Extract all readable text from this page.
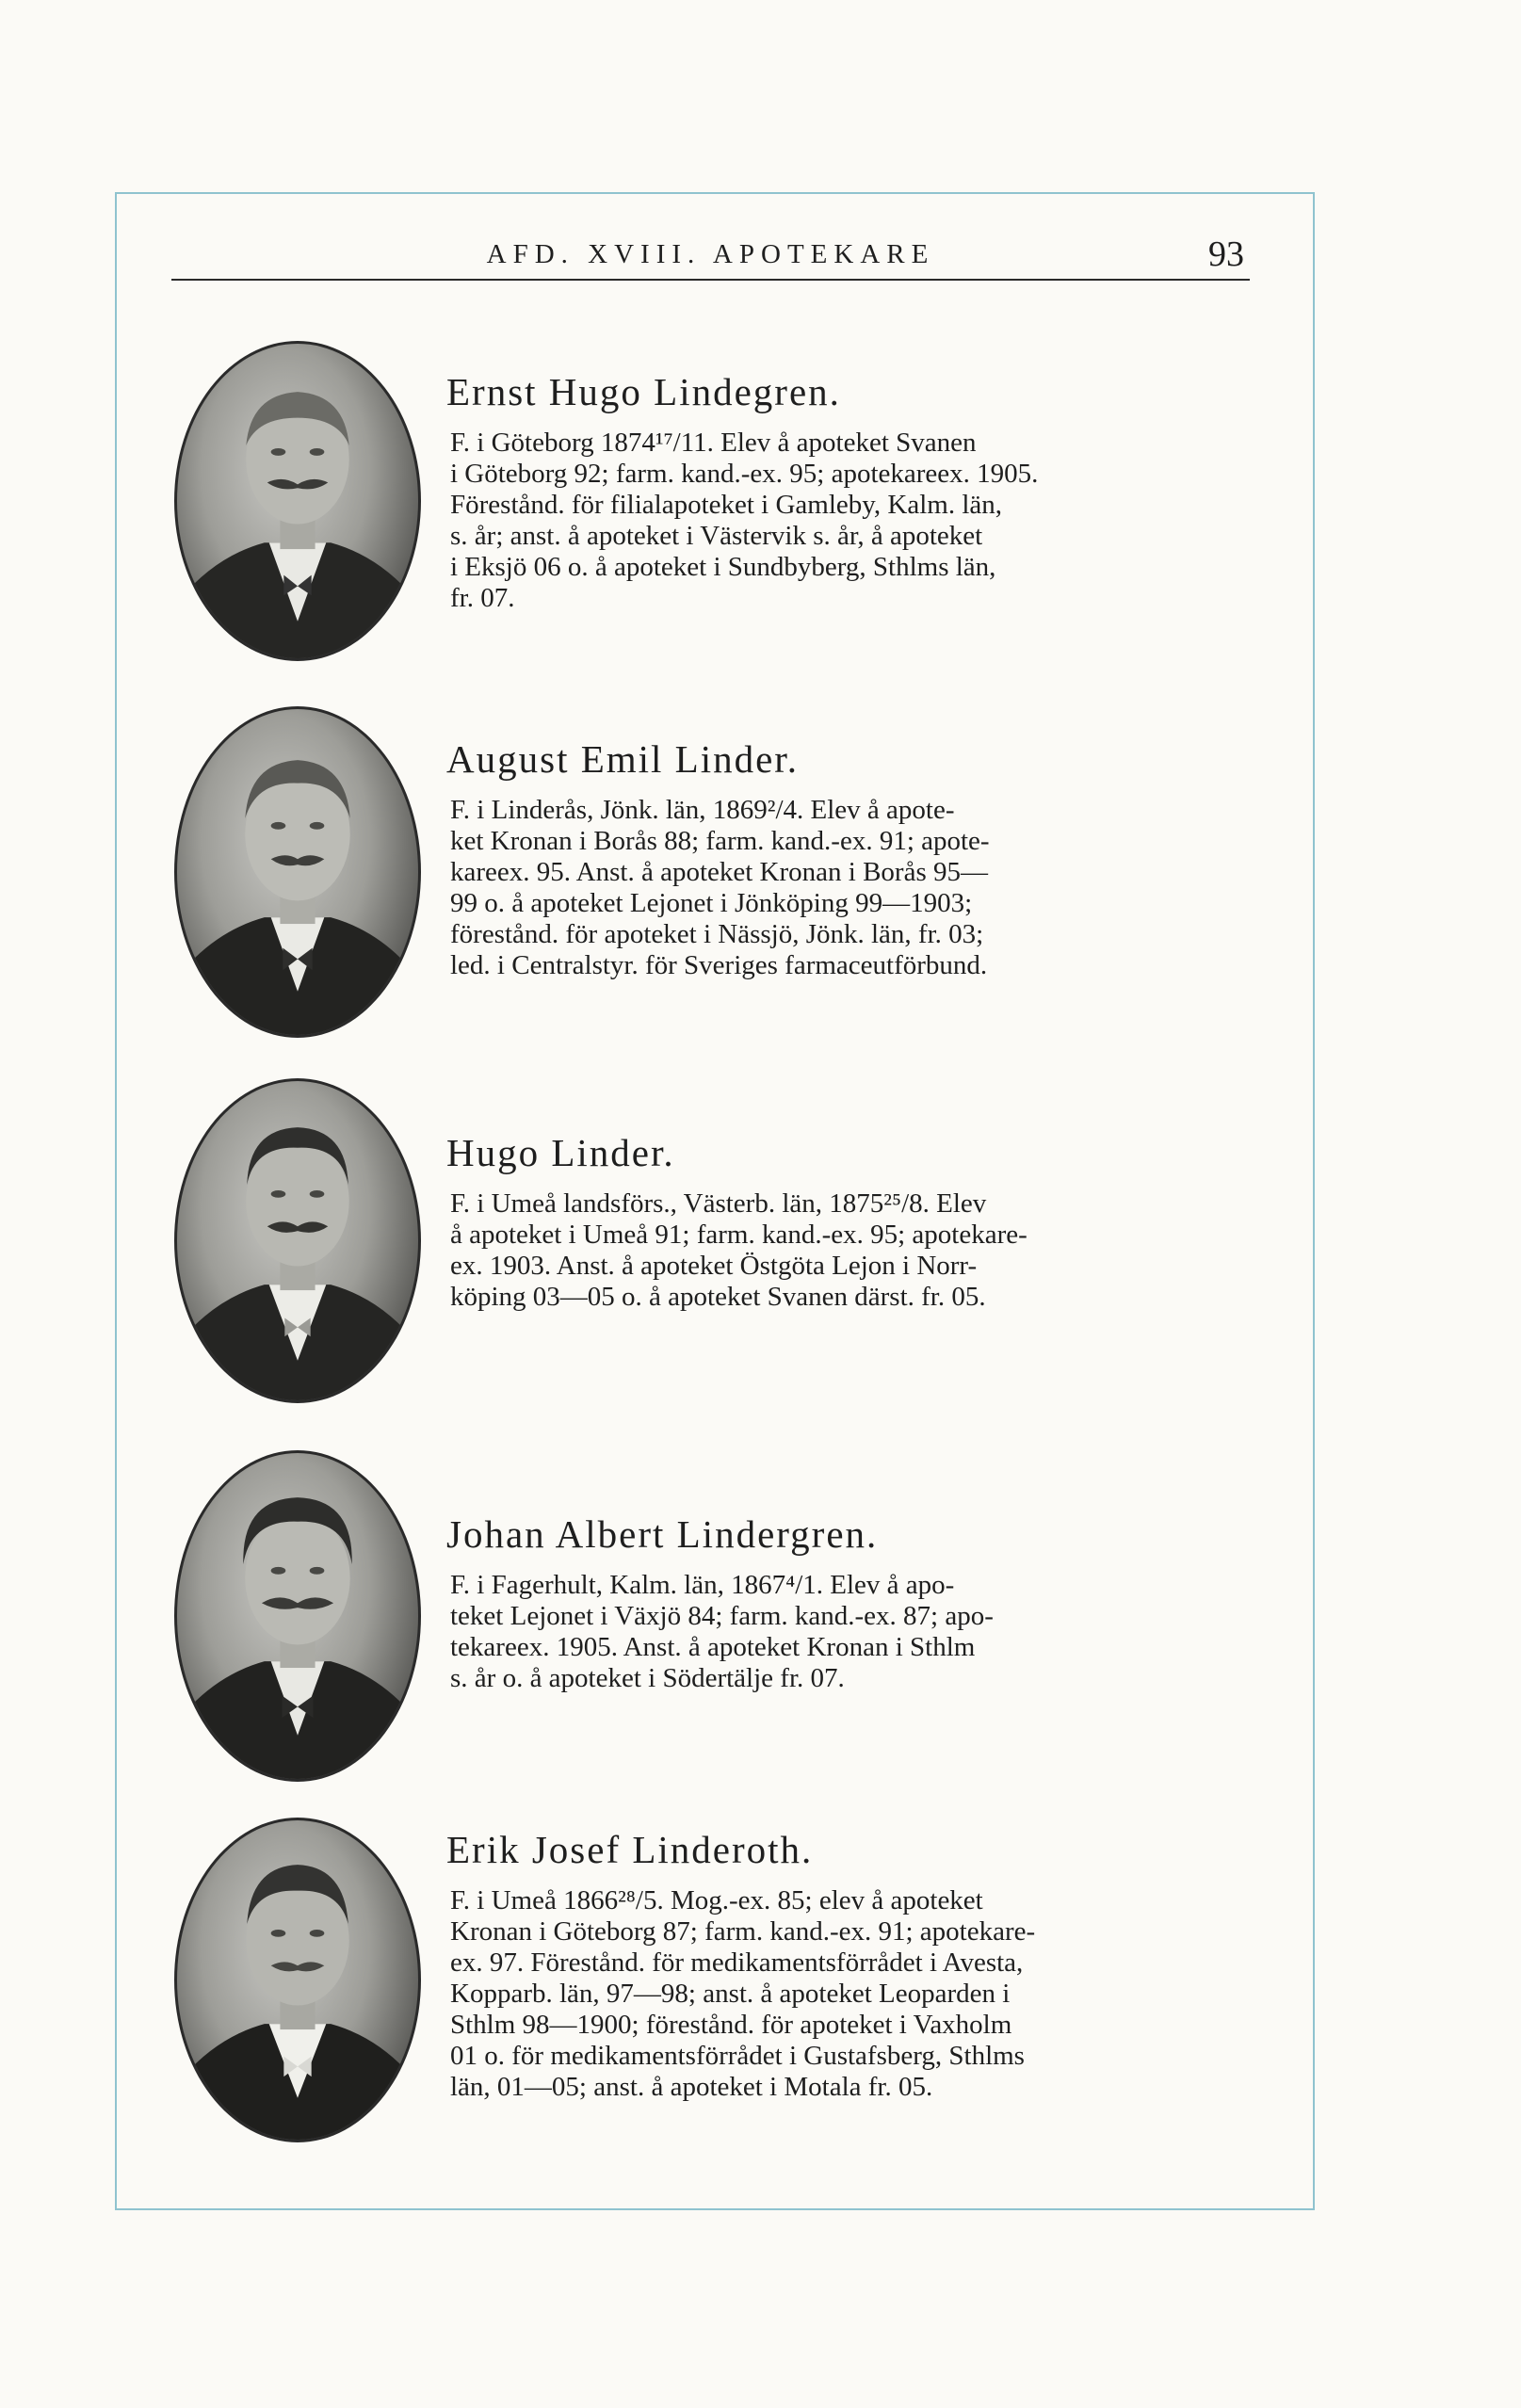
AFD. XVIII. APOTEKARE	93

Ernst Hugo Lindegren.

F. i Göteborg 1874¹⁷/11. Elev å apoteket Svanen
i Göteborg 92; farm. kand.-ex. 95; apotekareex. 1905.
Förestånd. för filialapoteket i Gamleby, Kalm. län,
s. år; anst. å apoteket i Västervik s. år, å apoteket
i Eksjö 06 o. å apoteket i Sundbyberg, Sthlms län,
fr. 07.

August Emil Linder.

F. i Linderås, Jönk. län, 1869²/4. Elev å apote-
ket Kronan i Borås 88; farm. kand.-ex. 91; apote-
kareex. 95. Anst. å apoteket Kronan i Borås 95—
99 o. å apoteket Lejonet i Jönköping 99—1903;
förestånd. för apoteket i Nässjö, Jönk. län, fr. 03;
led. i Centralstyr. för Sveriges farmaceutförbund.

Hugo Linder.

F. i Umeå landsförs., Västerb. län, 1875²⁵/8. Elev
å apoteket i Umeå 91; farm. kand.-ex. 95; apotekare-
ex. 1903. Anst. å apoteket Östgöta Lejon i Norr-
köping 03—05 o. å apoteket Svanen därst. fr. 05.

Johan Albert Lindergren.

F. i Fagerhult, Kalm. län, 1867⁴/1. Elev å apo-
teket Lejonet i Växjö 84; farm. kand.-ex. 87; apo-
tekareex. 1905. Anst. å apoteket Kronan i Sthlm
s. år o. å apoteket i Södertälje fr. 07.

Erik Josef Linderoth.

F. i Umeå 1866²⁸/5. Mog.-ex. 85; elev å apoteket
Kronan i Göteborg 87; farm. kand.-ex. 91; apotekare-
ex. 97. Förestånd. för medikamentsförrådet i Avesta,
Kopparb. län, 97—98; anst. å apoteket Leoparden i
Sthlm 98—1900; förestånd. för apoteket i Vaxholm
01 o. för medikamentsförrådet i Gustafsberg, Sthlms
län, 01—05; anst. å apoteket i Motala fr. 05.
